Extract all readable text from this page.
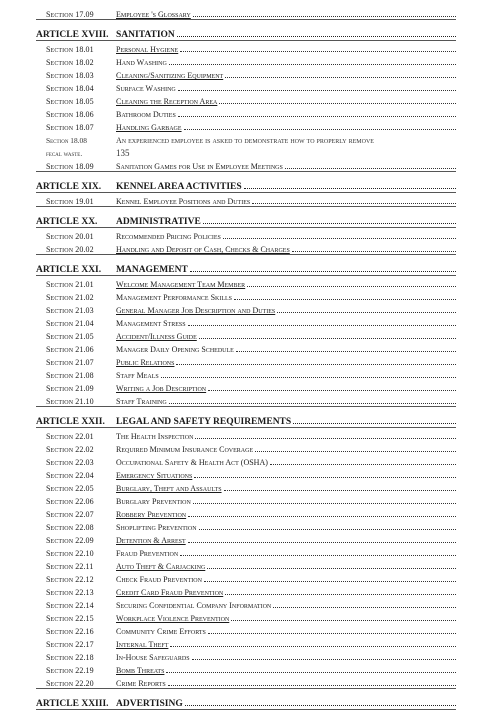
Section 17.09	Employee 's Glossary
ARTICLE XVIII. SANITATION
Section 18.01	Personal Hygiene
Section 18.02	Hand Washing
Section 18.03	Cleaning/Sanitizing Equipment
Section 18.04	Surface Washing
Section 18.05	Cleaning the Reception Area
Section 18.06	Bathroom Duties
Section 18.07	Handling Garbage
Section 18.08	An experienced employee is asked to demonstrate how to properly remove
fecal waste.	135
Section 18.09	Sanitation Games for Use in Employee Meetings
ARTICLE XIX.	KENNEL AREA ACTIVITIES
Section 19.01	Kennel Employee Positions and Duties
ARTICLE XX.	ADMINISTRATIVE
Section 20.01	Recommended Pricing Policies
Section 20.02	Handling and Deposit of Cash, Checks & Charges
ARTICLE XXI.	MANAGEMENT
Section 21.01	Welcome Management Team Member
Section 21.02	Management Performance Skills
Section 21.03	General Manager Job Description and Duties
Section 21.04	Management Stress
Section 21.05	Accident/Illness Guide
Section 21.06	Manager Daily Opening Schedule
Section 21.07	Public Relations
Section 21.08	Staff Meals
Section 21.09	Writing a Job Description
Section 21.10	Staff Training
ARTICLE XXII.	LEGAL AND SAFETY REQUIREMENTS
Section 22.01	The Health Inspection
Section 22.02	Required Minimum Insurance Coverage
Section 22.03	Occupational Safety & Health Act (OSHA)
Section 22.04	Emergency Situations
Section 22.05	Burglary, Theft and Assaults
Section 22.06	Burglary Prevention
Section 22.07	Robbery Prevention
Section 22.08	Shoplifting Prevention
Section 22.09	Detention & Arrest
Section 22.10	Fraud Prevention
Section 22.11	Auto Theft & Carjacking
Section 22.12	Check Fraud Prevention
Section 22.13	Credit Card Fraud Prevention
Section 22.14	Securing Confidential Company Information
Section 22.15	Workplace Violence Prevention
Section 22.16	Community Crime Efforts
Section 22.17	Internal Theft
Section 22.18	In-House Safeguards
Section 22.19	Bomb Threats
Section 22.20	Crime Reports
ARTICLE XXIII. ADVERTISING
